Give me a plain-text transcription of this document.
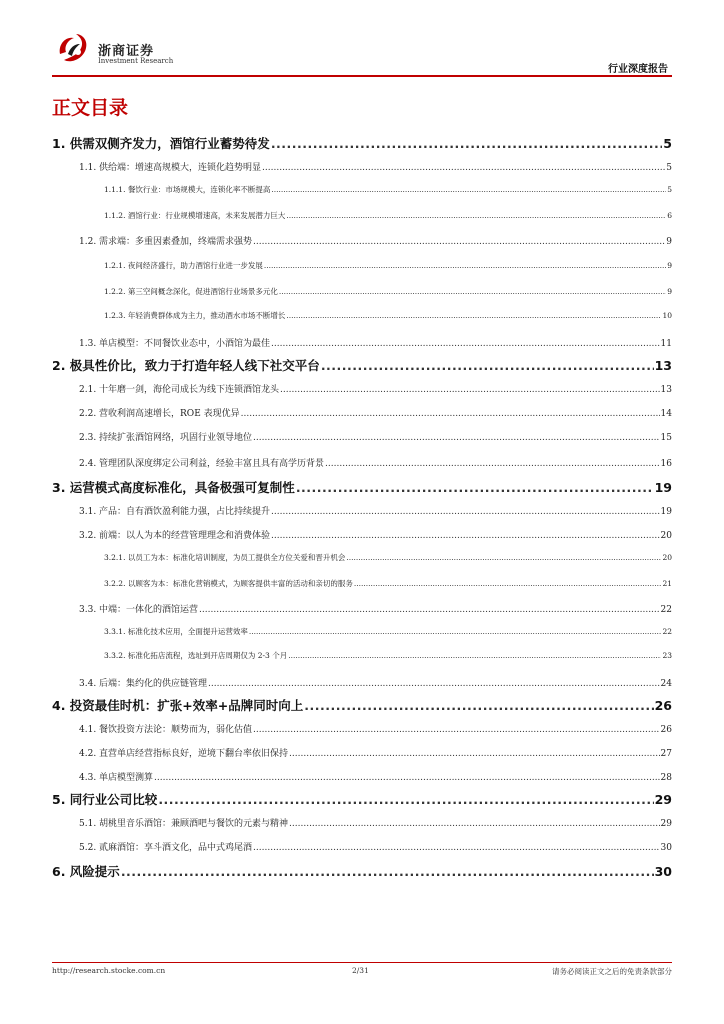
浙商证券
Investment Research
行业深度报告
正文目录
1. 供需双侧齐发力，酒馆行业蓄势待发 .....	5
1.1. 供给端：增速高规模大，连锁化趋势明显 .....	5
1.1.1. 餐饮行业：市场规模大，连锁化率不断提高 .....	5
1.1.2. 酒馆行业：行业规模增速高，未来发展潜力巨大 .....	6
1.2. 需求端：多重因素叠加，终端需求强势 .....	9
1.2.1. 夜间经济盛行，助力酒馆行业进一步发展 .....	9
1.2.2. 第三空间概念深化，促进酒馆行业场景多元化 .....	9
1.2.3. 年轻消费群体成为主力，推动酒水市场不断增长 .....	10
1.3. 单店模型：不同餐饮业态中，小酒馆为最佳 .....	11
2. 极具性价比，致力于打造年轻人线下社交平台 .....	13
2.1. 十年磨一剑，海伦司成长为线下连锁酒馆龙头 .....	13
2.2. 营收利润高速增长，ROE 表现优异 .....	14
2.3. 持续扩张酒馆网络，巩固行业领导地位 .....	15
2.4. 管理团队深度绑定公司利益，经验丰富且具有高学历背景 .....	16
3. 运营模式高度标准化，具备极强可复制性 .....	19
3.1. 产品：自有酒饮盈利能力强，占比持续提升 .....	19
3.2. 前端：以人为本的经营管理理念和消费体验 .....	20
3.2.1. 以员工为本：标准化培训制度，为员工提供全方位关爱和晋升机会 .....	20
3.2.2. 以顾客为本：标准化营销模式，为顾客提供丰富的活动和亲切的服务 .....	21
3.3. 中端：一体化的酒馆运营 .....	22
3.3.1. 标准化技术应用，全面提升运营效率 .....	22
3.3.2. 标准化拓店流程，选址到开店周期仅为 2-3 个月 .....	23
3.4. 后端：集约化的供应链管理 .....	24
4. 投资最佳时机：扩张+效率+品牌同时向上 .....	26
4.1. 餐饮投资方法论：顺势而为，弱化估值 .....	26
4.2. 直营单店经营指标良好，逆境下翻台率依旧保持 .....	27
4.3. 单店模型测算 .....	28
5. 同行业公司比较 .....	29
5.1. 胡桃里音乐酒馆：兼顾酒吧与餐饮的元素与精神 .....	29
5.2. 贰麻酒馆：享斗酒文化，品中式鸡尾酒 .....	30
6. 风险提示 .....	30
http://research.stocke.com.cn	2/31	请务必阅读正文之后的免责条款部分
